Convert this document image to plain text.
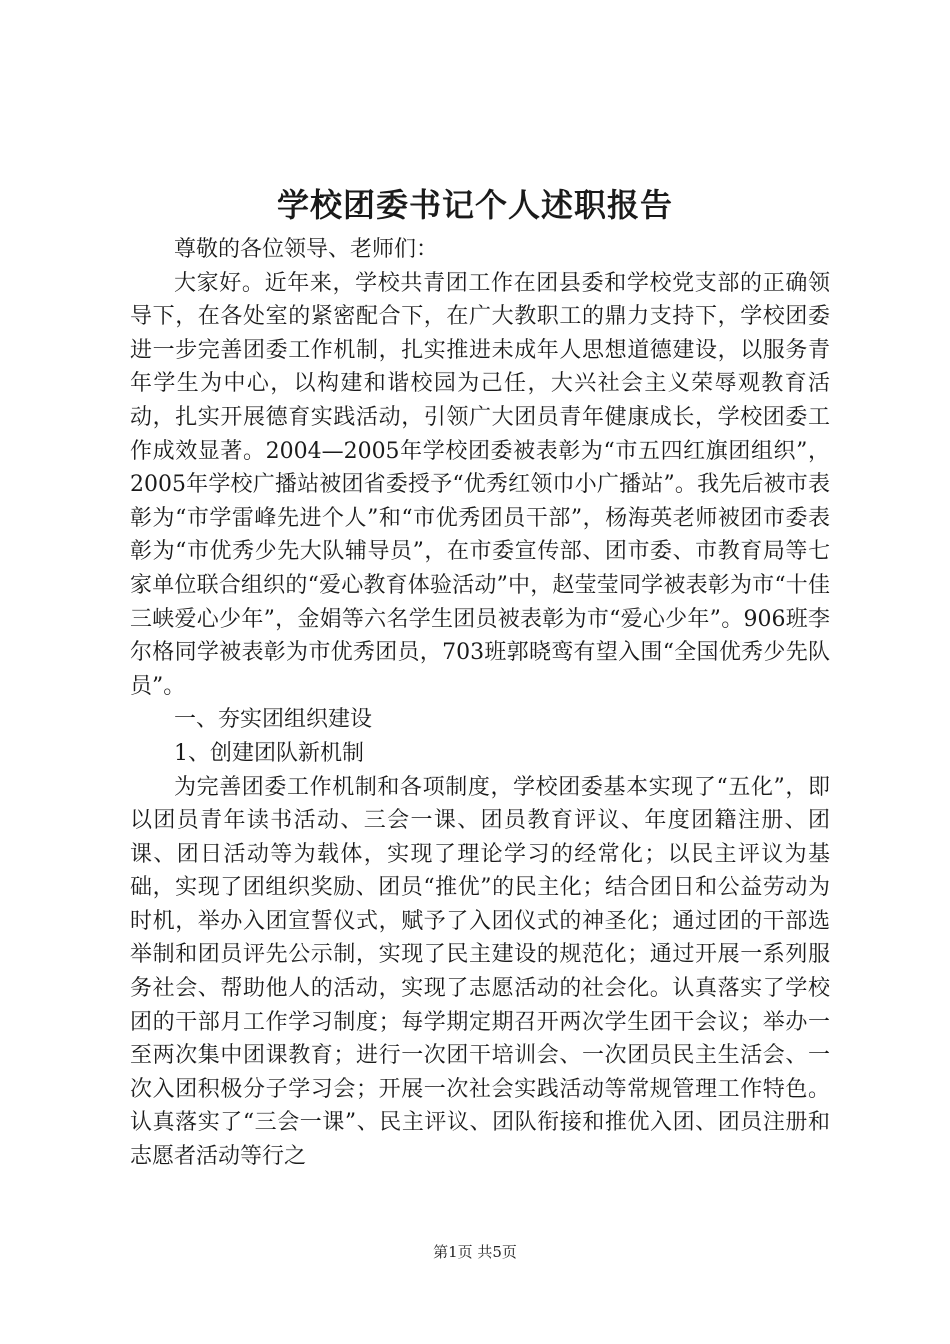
学校团委书记个人述职报告

尊敬的各位领导、老师们：

大家好。近年来，学校共青团工作在团县委和学校党支部的正确领导下，在各处室的紧密配合下，在广大教职工的鼎力支持下，学校团委进一步完善团委工作机制，扎实推进未成年人思想道德建设，以服务青年学生为中心，以构建和谐校园为己任，大兴社会主义荣辱观教育活动，扎实开展德育实践活动，引领广大团员青年健康成长，学校团委工作成效显著。2004—2005年学校团委被表彰为“市五四红旗团组织”，2005年学校广播站被团省委授予“优秀红领巾小广播站”。我先后被市表彰为“市学雷峰先进个人”和“市优秀团员干部”，杨海英老师被团市委表彰为“市优秀少先大队辅导员”，在市委宣传部、团市委、市教育局等七家单位联合组织的“爱心教育体验活动”中，赵莹莹同学被表彰为市“十佳三峡爱心少年”，金娟等六名学生团员被表彰为市“爱心少年”。906班李尔格同学被表彰为市优秀团员，703班郭晓鸾有望入围“全国优秀少先队员”。

一、夯实团组织建设

1、创建团队新机制

为完善团委工作机制和各项制度，学校团委基本实现了“五化”，即以团员青年读书活动、三会一课、团员教育评议、年度团籍注册、团课、团日活动等为载体，实现了理论学习的经常化；以民主评议为基础，实现了团组织奖励、团员“推优”的民主化；结合团日和公益劳动为时机，举办入团宣誓仪式，赋予了入团仪式的神圣化；通过团的干部选举制和团员评先公示制，实现了民主建设的规范化；通过开展一系列服务社会、帮助他人的活动，实现了志愿活动的社会化。认真落实了学校团的干部月工作学习制度；每学期定期召开两次学生团干会议；举办一至两次集中团课教育；进行一次团干培训会、一次团员民主生活会、一次入团积极分子学习会；开展一次社会实践活动等常规管理工作特色。认真落实了“三会一课”、民主评议、团队衔接和推优入团、团员注册和志愿者活动等行之

第1页 共5页
